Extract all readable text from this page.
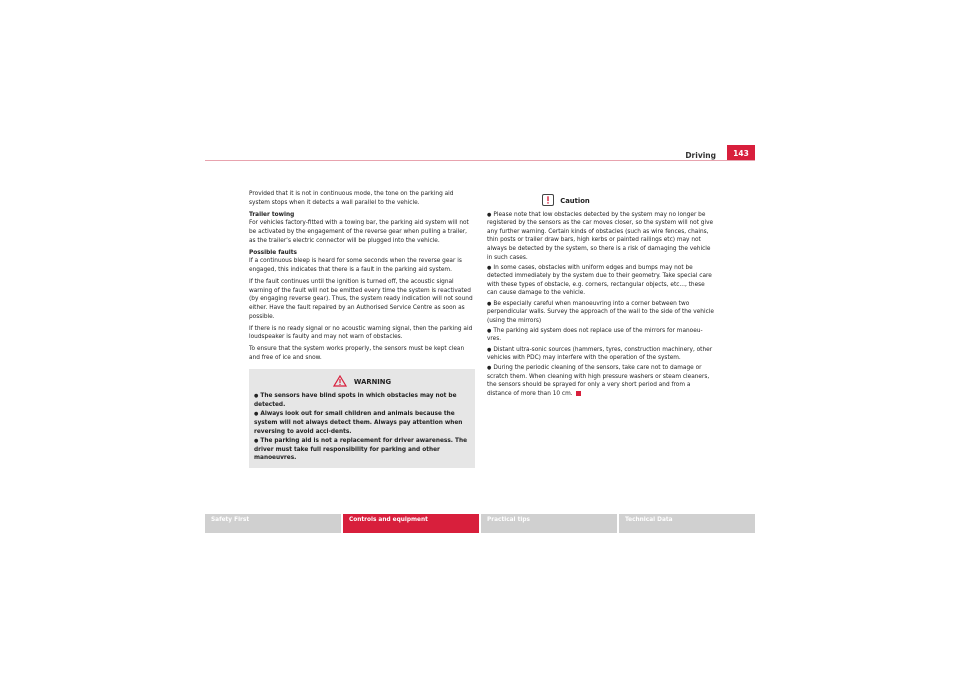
Driving 143

Provided that it is not in continuous mode, the tone on the parking aid system stops when it detects a wall parallel to the vehicle.

Trailer towing

For vehicles factory-fitted with a towing bar, the parking aid system will not be activated by the engagement of the reverse gear when pulling a trailer, as the trailer’s electric connector will be plugged into the vehicle.

Possible faults

If a continuous bleep is heard for some seconds when the reverse gear is engaged, this indicates that there is a fault in the parking aid system.

If the fault continues until the ignition is turned off, the acoustic signal warning of the fault will not be emitted every time the system is reactivated (by engaging reverse gear). Thus, the system ready indication will not sound either. Have the fault repaired by an Authorised Service Centre as soon as possible.

If there is no ready signal or no acoustic warning signal, then the parking aid loudspeaker is faulty and may not warn of obstacles.

To ensure that the system works properly, the sensors must be kept clean and free of ice and snow.

WARNING

● The sensors have blind spots in which obstacles may not be detected.

● Always look out for small children and animals because the system will not always detect them. Always pay attention when reversing to avoid acci-dents.

● The parking aid is not a replacement for driver awareness. The driver must take full responsibility for parking and other manoeuvres.

Caution

● Please note that low obstacles detected by the system may no longer be registered by the sensors as the car moves closer, so the system will not give any further warning. Certain kinds of obstacles (such as wire fences, chains, thin posts or trailer draw bars, high kerbs or painted railings etc) may not always be detected by the system, so there is a risk of damaging the vehicle in such cases.

● In some cases, obstacles with uniform edges and bumps may not be detected immediately by the system due to their geometry. Take special care with these types of obstacle, e.g. corners, rectangular objects, etc..., these can cause damage to the vehicle.

● Be especially careful when manoeuvring into a corner between two perpendicular walls. Survey the approach of the wall to the side of the vehicle (using the mirrors)

● The parking aid system does not replace use of the mirrors for manoeu-vres.

● Distant ultra-sonic sources (hammers, tyres, construction machinery, other vehicles with PDC) may interfere with the operation of the system.

● During the periodic cleaning of the sensors, take care not to damage or scratch them. When cleaning with high pressure washers or steam cleaners, the sensors should be sprayed for only a very short period and from a distance of more than 10 cm.

Safety First	Controls and equipment	Practical tips	Technical Data
